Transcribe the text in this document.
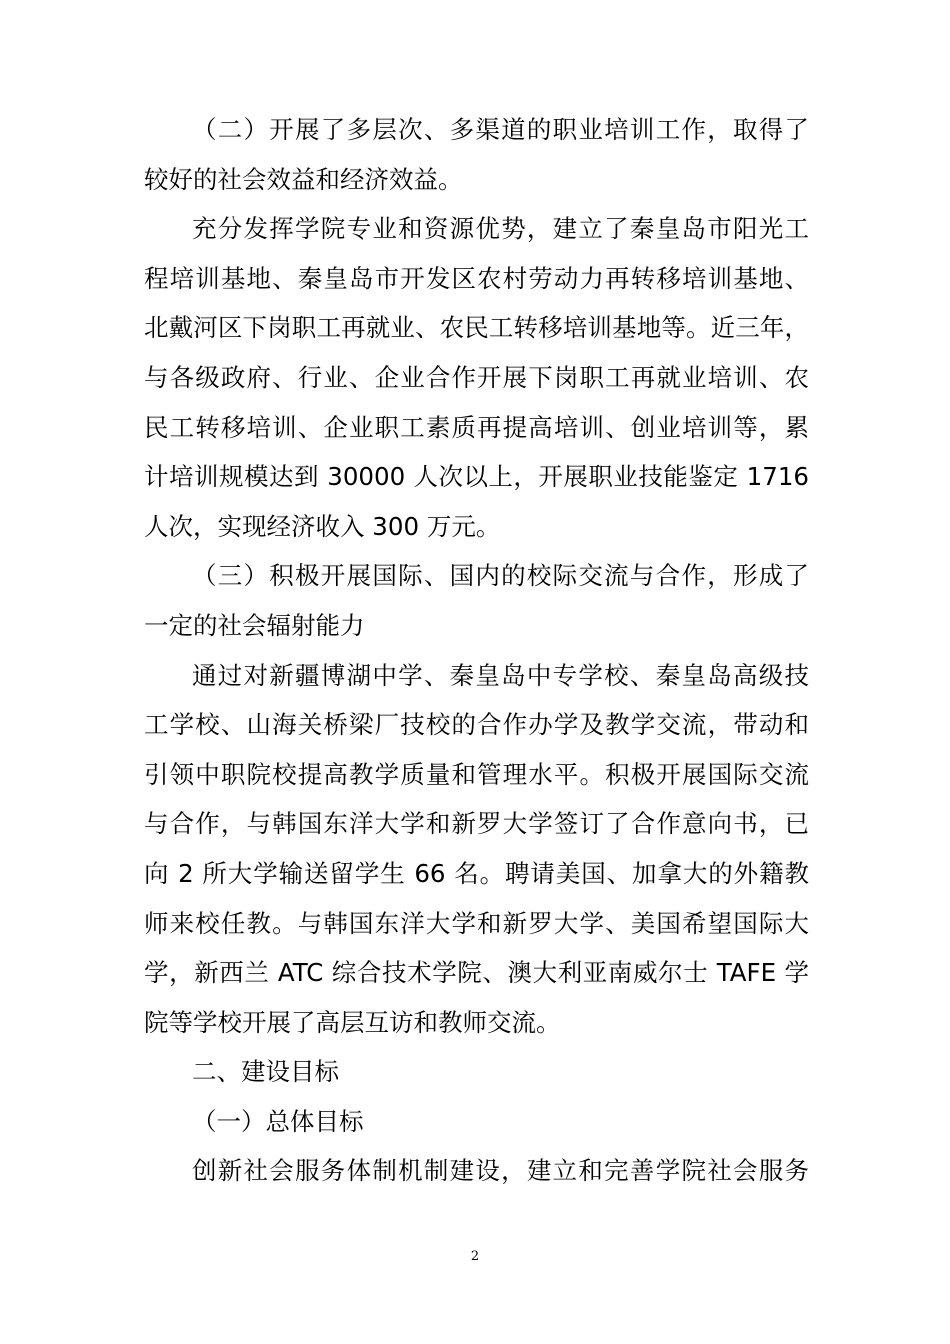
（二）开展了多层次、多渠道的职业培训工作，取得了
较好的社会效益和经济效益。
充分发挥学院专业和资源优势，建立了秦皇岛市阳光工
程培训基地、秦皇岛市开发区农村劳动力再转移培训基地、
北戴河区下岗职工再就业、农民工转移培训基地等。近三年，
与各级政府、行业、企业合作开展下岗职工再就业培训、农
民工转移培训、企业职工素质再提高培训、创业培训等，累
计培训规模达到 30000 人次以上，开展职业技能鉴定 1716
人次，实现经济收入 300 万元。
（三）积极开展国际、国内的校际交流与合作，形成了
一定的社会辐射能力
通过对新疆博湖中学、秦皇岛中专学校、秦皇岛高级技
工学校、山海关桥梁厂技校的合作办学及教学交流，带动和
引领中职院校提高教学质量和管理水平。积极开展国际交流
与合作，与韩国东洋大学和新罗大学签订了合作意向书，已
向 2 所大学输送留学生 66 名。聘请美国、加拿大的外籍教
师来校任教。与韩国东洋大学和新罗大学、美国希望国际大
学，新西兰 ATC 综合技术学院、澳大利亚南威尔士 TAFE 学
院等学校开展了高层互访和教师交流。
二、建设目标
（一）总体目标
创新社会服务体制机制建设，建立和完善学院社会服务
2
